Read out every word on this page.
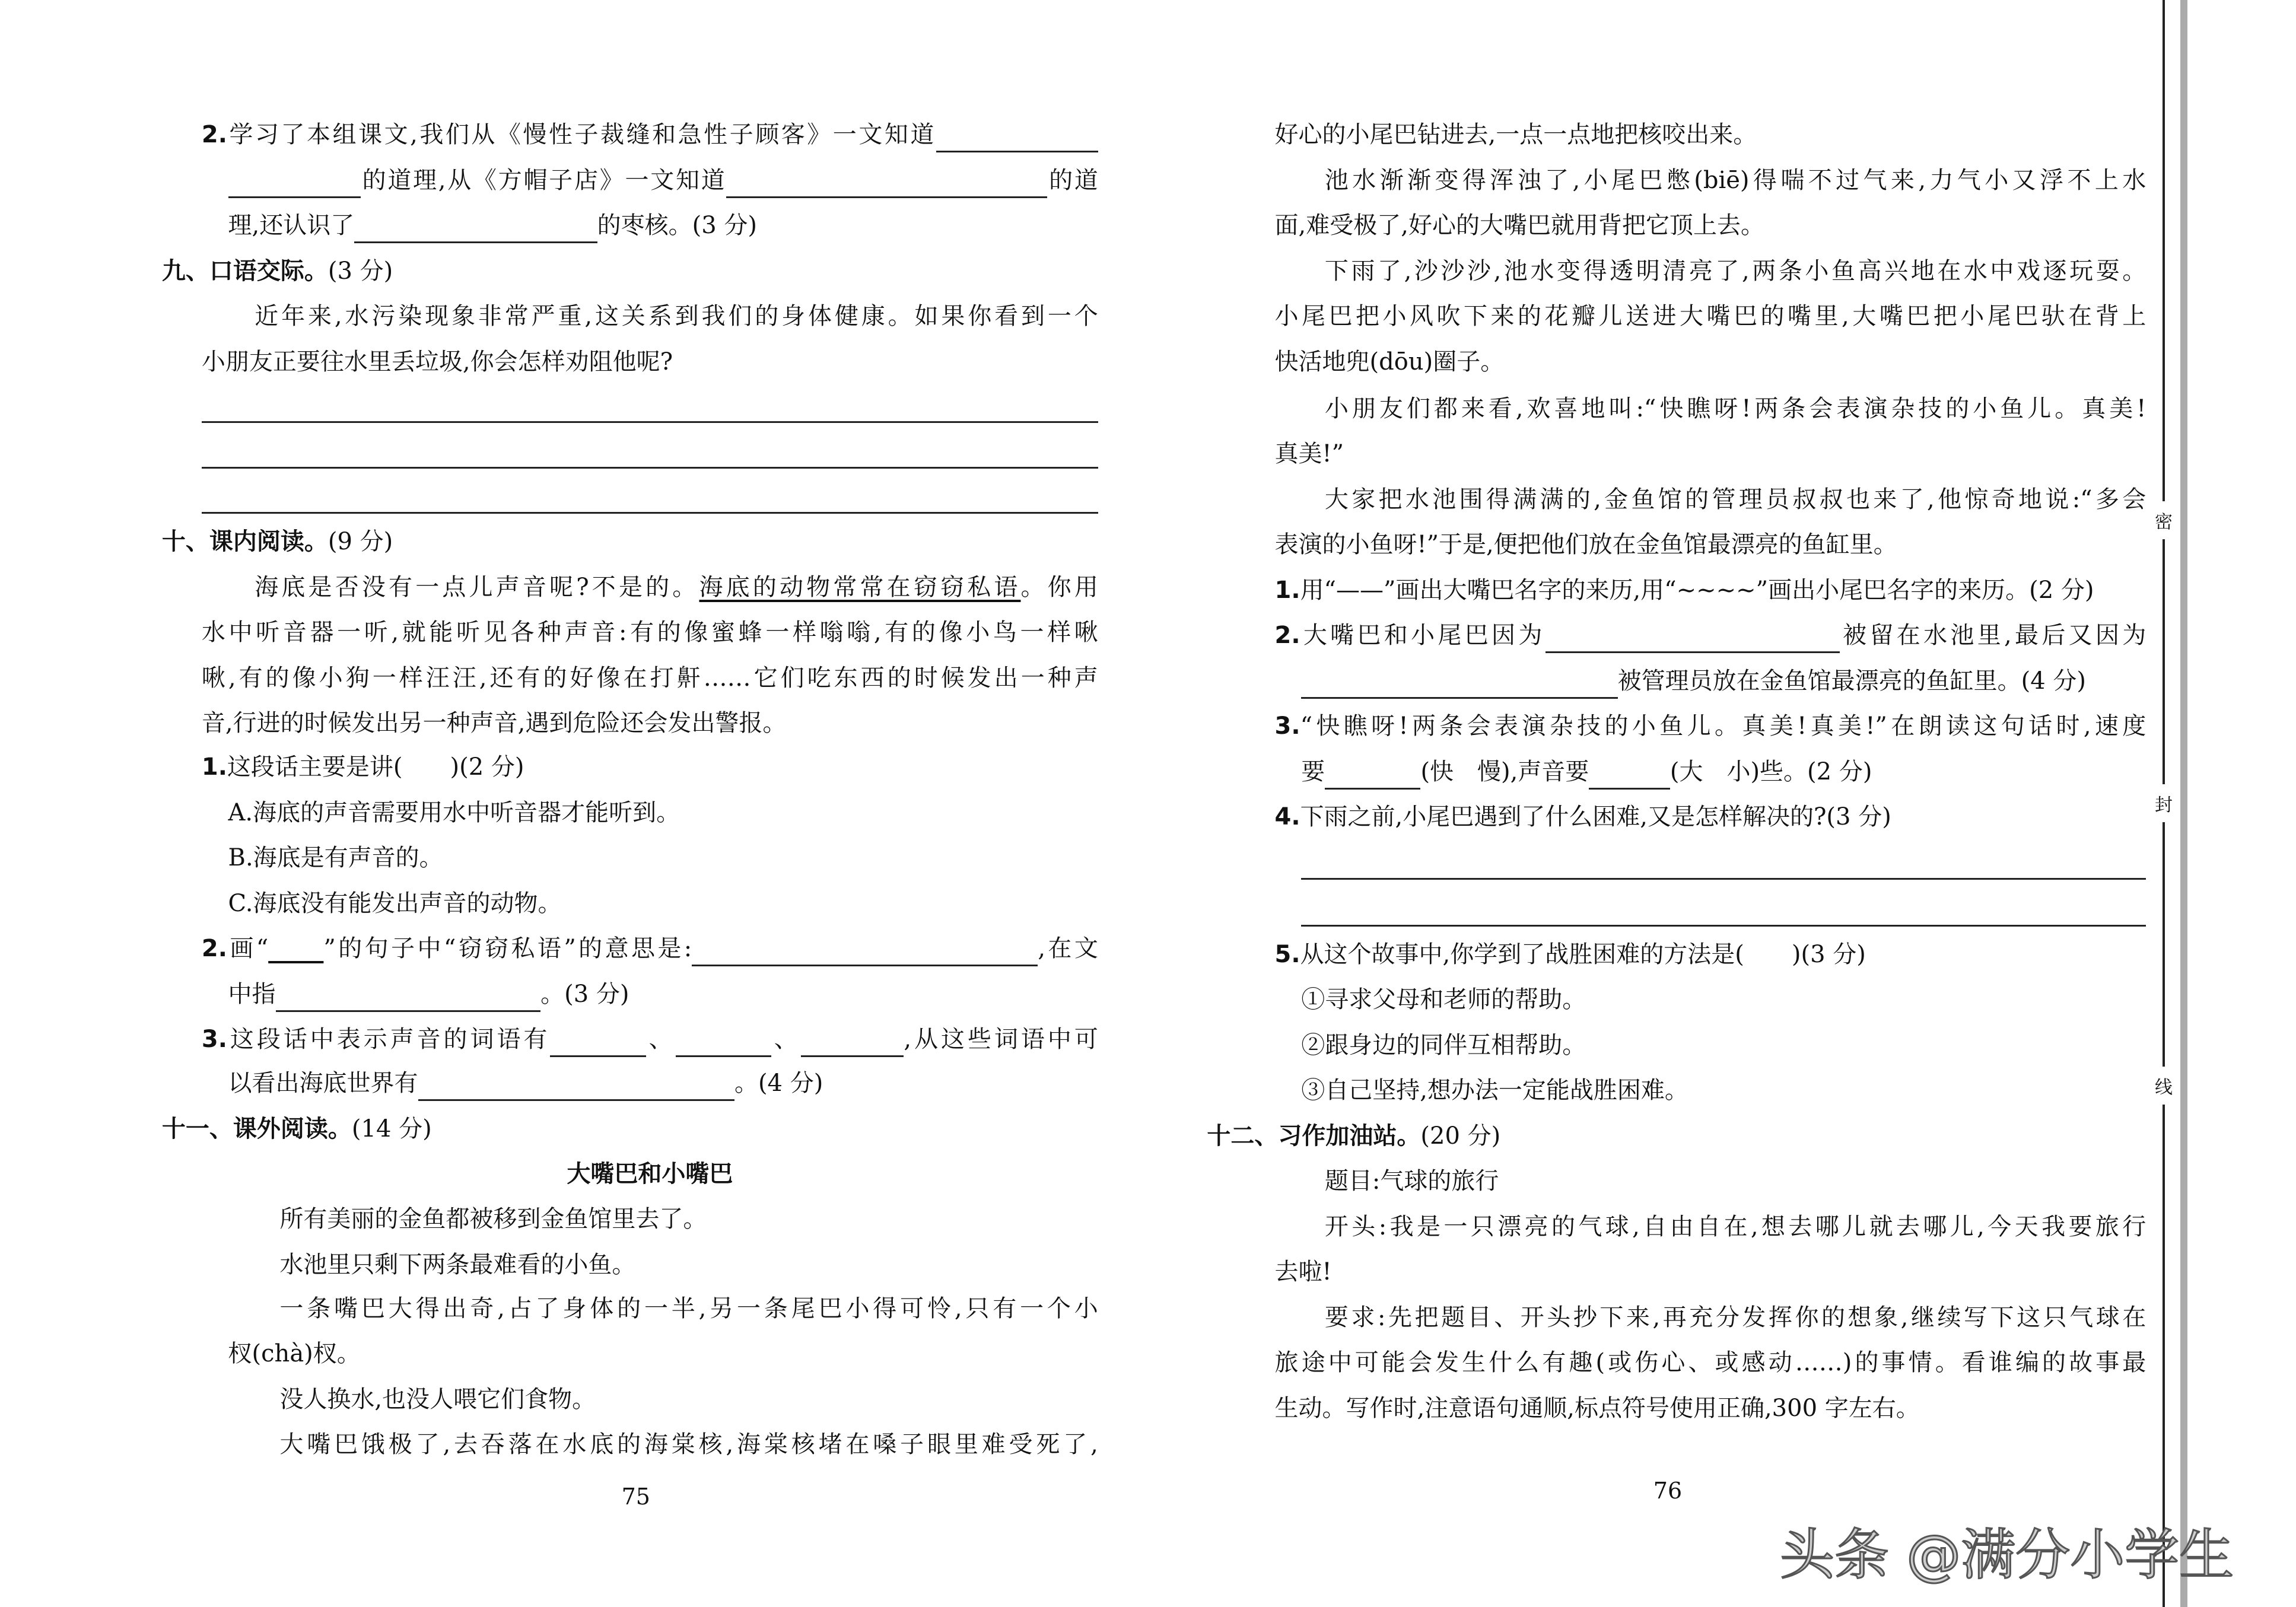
2.学习了本组课文,我们从《慢性子裁缝和急性子顾客》一文知道
的道理,从《方帽子店》一文知道	的道
理,还认识了	的枣核。(3 分)
九、口语交际。(3 分)
近年来,水污染现象非常严重,这关系到我们的身体健康。如果你看到一个
小朋友正要往水里丢垃圾,你会怎样劝阻他呢?
十、课内阅读。(9 分)
海底是否没有一点儿声音呢?不是的。海底的动物常常在窃窃私语。你用
水中听音器一听,就能听见各种声音:有的像蜜蜂一样嗡嗡,有的像小鸟一样啾
啾,有的像小狗一样汪汪,还有的好像在打鼾……它们吃东西的时候发出一种声
音,行进的时候发出另一种声音,遇到危险还会发出警报。
1.这段话主要是讲(　　)(2 分)
A.海底的声音需要用水中听音器才能听到。
B.海底是有声音的。
C.海底没有能发出声音的动物。
2.画“　　 ”的句子中“窃窃私语”的意思是:	,在文
中指	。(3 分)
3.这段话中表示声音的词语有	、	、	,从这些词语中可
以看出海底世界有	。(4 分)
十一、课外阅读。(14 分)
大嘴巴和小嘴巴
所有美丽的金鱼都被移到金鱼馆里去了。
水池里只剩下两条最难看的小鱼。
一条嘴巴大得出奇,占了身体的一半,另一条尾巴小得可怜,只有一个小
杈(chà)杈。
没人换水,也没人喂它们食物。
大嘴巴饿极了,去吞落在水底的海棠核,海棠核堵在嗓子眼里难受死了,
75
好心的小尾巴钻进去,一点一点地把核咬出来。
池水渐渐变得浑浊了,小尾巴憋(biē)得喘不过气来,力气小又浮不上水
面,难受极了,好心的大嘴巴就用背把它顶上去。
下雨了,沙沙沙,池水变得透明清亮了,两条小鱼高兴地在水中戏逐玩耍。
小尾巴把小风吹下来的花瓣儿送进大嘴巴的嘴里,大嘴巴把小尾巴驮在背上
快活地兜(dōu)圈子。
小朋友们都来看,欢喜地叫:“快瞧呀!两条会表演杂技的小鱼儿。真美!
真美!”
大家把水池围得满满的,金鱼馆的管理员叔叔也来了,他惊奇地说:“多会
表演的小鱼呀!”于是,便把他们放在金鱼馆最漂亮的鱼缸里。
1.用“——”画出大嘴巴名字的来历,用“~~~~”画出小尾巴名字的来历。(2 分)
2.大嘴巴和小尾巴因为	被留在水池里,最后又因为
被管理员放在金鱼馆最漂亮的鱼缸里。(4 分)
3.“快瞧呀!两条会表演杂技的小鱼儿。真美!真美!”在朗读这句话时,速度
要	(快　慢),声音要	(大　小)些。(2 分)
4.下雨之前,小尾巴遇到了什么困难,又是怎样解决的?(3 分)
5.从这个故事中,你学到了战胜困难的方法是(　　)(3 分)
①寻求父母和老师的帮助。
②跟身边的同伴互相帮助。
③自己坚持,想办法一定能战胜困难。
十二、习作加油站。(20 分)
题目:气球的旅行
开头:我是一只漂亮的气球,自由自在,想去哪儿就去哪儿,今天我要旅行
去啦!
要求:先把题目、开头抄下来,再充分发挥你的想象,继续写下这只气球在
旅途中可能会发生什么有趣(或伤心、或感动……)的事情。看谁编的故事最
生动。写作时,注意语句通顺,标点符号使用正确,300 字左右。
76
密
封
线
头条 @满分小学生
